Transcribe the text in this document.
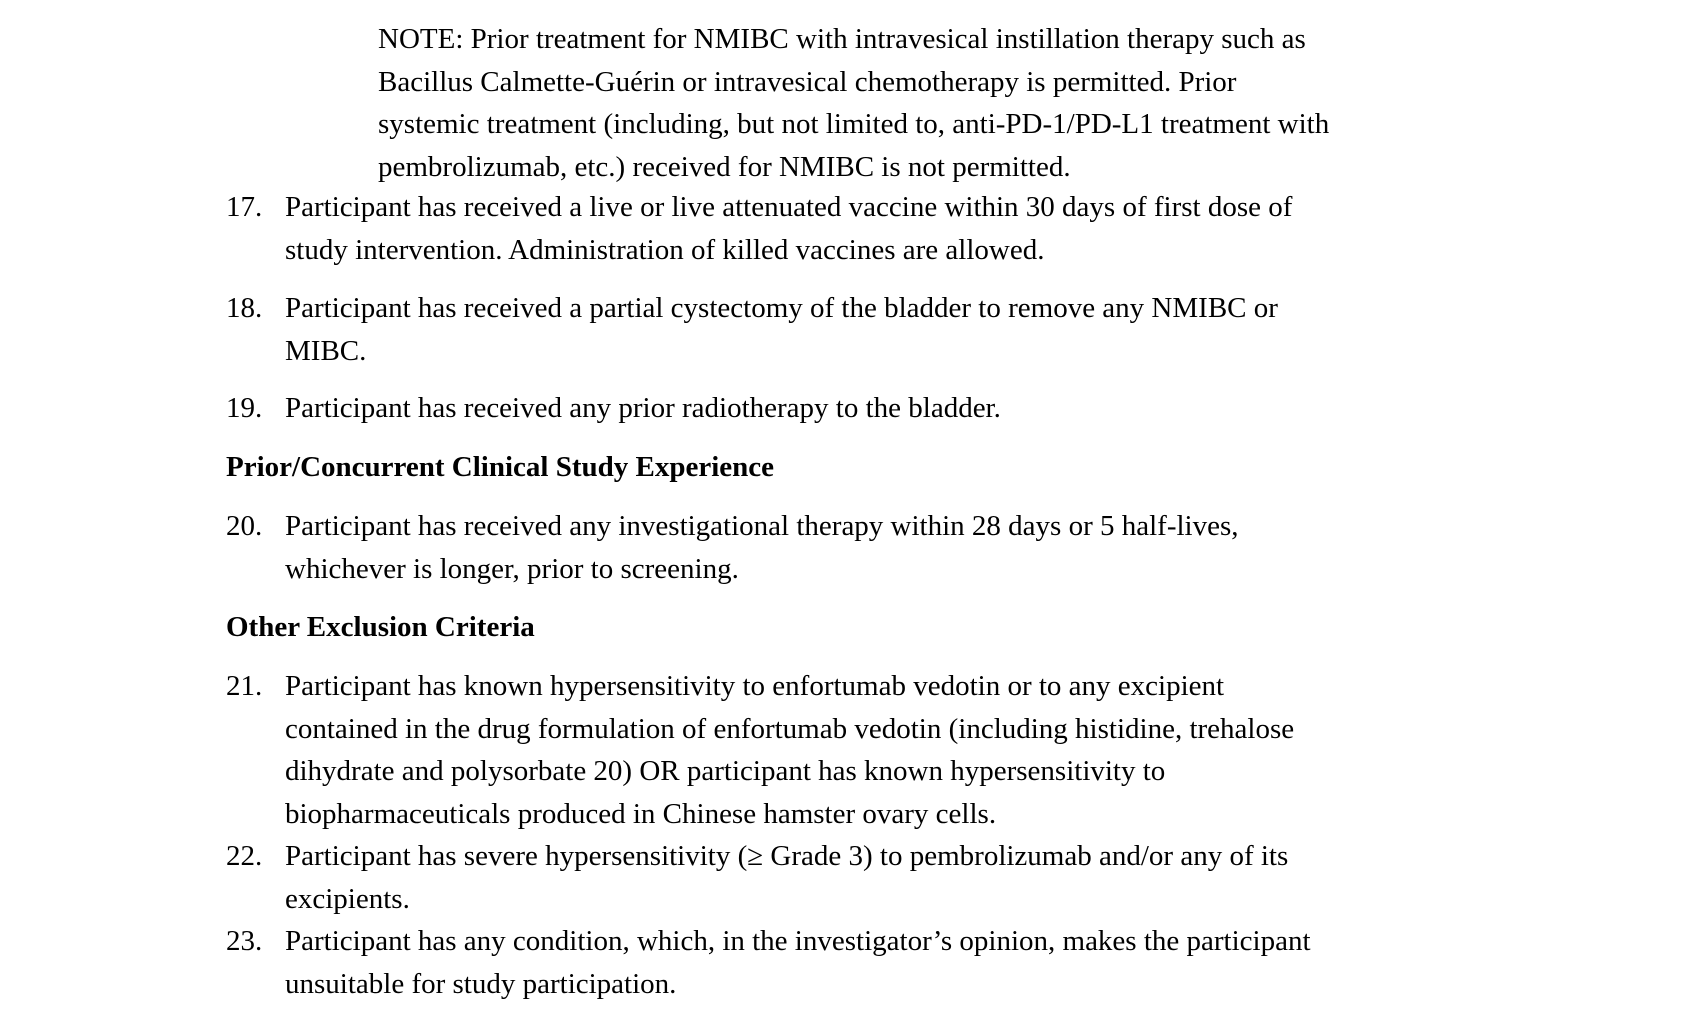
NOTE: Prior treatment for NMIBC with intravesical instillation therapy such as
Bacillus Calmette-Guérin or intravesical chemotherapy is permitted. Prior
systemic treatment (including, but not limited to, anti-PD-1/PD-L1 treatment with
pembrolizumab, etc.) received for NMIBC is not permitted.
17. Participant has received a live or live attenuated vaccine within 30 days of first dose of
study intervention. Administration of killed vaccines are allowed.
18. Participant has received a partial cystectomy of the bladder to remove any NMIBC or
MIBC.
19. Participant has received any prior radiotherapy to the bladder.
Prior/Concurrent Clinical Study Experience
20. Participant has received any investigational therapy within 28 days or 5 half-lives,
whichever is longer, prior to screening.
Other Exclusion Criteria
21. Participant has known hypersensitivity to enfortumab vedotin or to any excipient
contained in the drug formulation of enfortumab vedotin (including histidine, trehalose
dihydrate and polysorbate 20) OR participant has known hypersensitivity to
biopharmaceuticals produced in Chinese hamster ovary cells.
22. Participant has severe hypersensitivity (≥ Grade 3) to pembrolizumab and/or any of its
excipients.
23. Participant has any condition, which, in the investigator’s opinion, makes the participant
unsuitable for study participation.
